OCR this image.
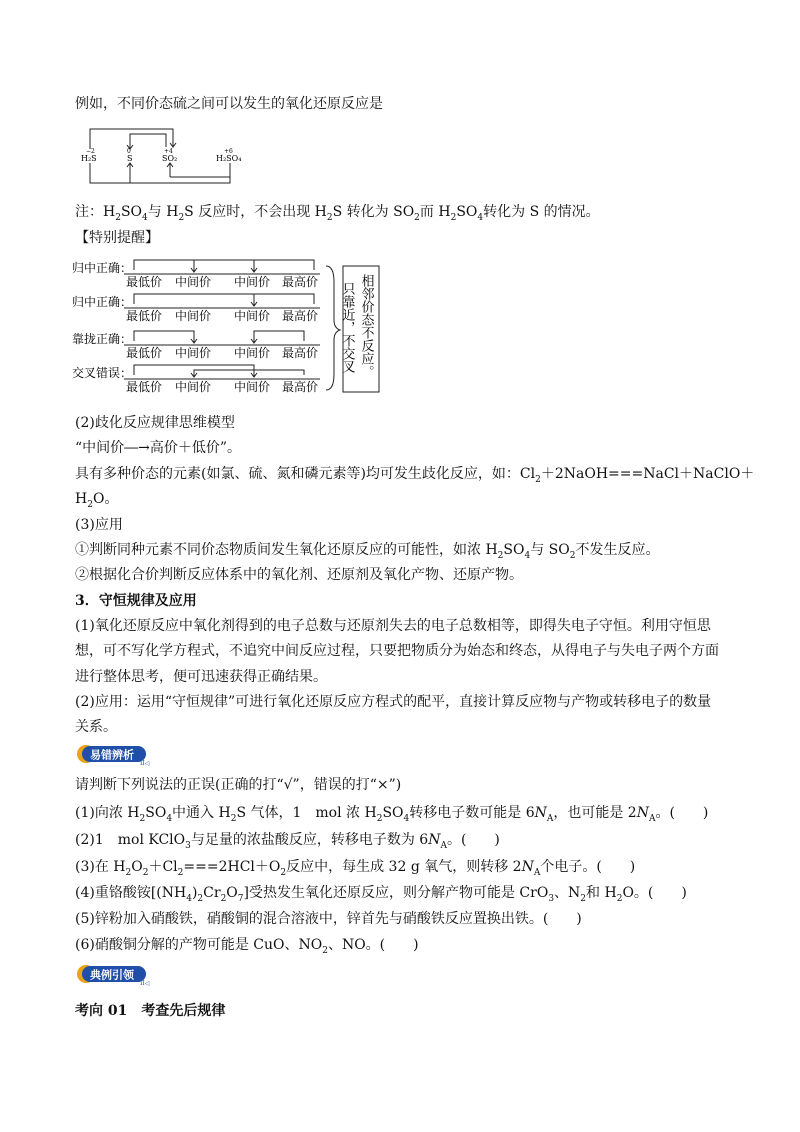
例如，不同价态硫之间可以发生的氧化还原反应是
−2	0	+4	+6
H₂S	S	SO₂	H₂SO₄
注：$H_2SO_4$与 $H_2S$ 反应时，不会出现 $H_2S$ 转化为 $SO_2$而 $H_2SO_4$转化为 S 的情况。
【特别提醒】
归中正确：
归中正确：
靠拢正确：
交叉错误：
最低价 中间价 中间价 最高价
最低价 中间价 中间价 最高价
最低价 中间价 中间价 最高价
最低价 中间价 中间价 最高价
只靠近，不交叉 相邻价态不反应。
(2)歧化反应规律思维模型
“中间价―→高价＋低价”。
具有多种价态的元素(如氯、硫、氮和磷元素等)均可发生歧化反应，如：$Cl_2+2NaOH===NaCl+NaClO+$
$H_2O$。
(3)应用
①判断同种元素不同价态物质间发生氧化还原反应的可能性，如浓 $H_2SO_4$与 $SO_2$不发生反应。
②根据化合价判断反应体系中的氧化剂、还原剂及氧化产物、还原产物。
3．守恒规律及应用
(1)氧化还原反应中氧化剂得到的电子总数与还原剂失去的电子总数相等，即得失电子守恒。利用守恒思
想，可不写化学方程式，不追究中间反应过程，只要把物质分为始态和终态，从得电子与失电子两个方面
进行整体思考，便可迅速获得正确结果。
(2)应用：运用“守恒规律”可进行氧化还原反应方程式的配平，直接计算反应物与产物或转移电子的数量
关系。
易错辨析
II◁
请判断下列说法的正误(正确的打“√”，错误的打“×”)
(1)向浓 $H_2SO_4$中通入 $H_2S$ 气体，1　mol 浓 $H_2SO_4$转移电子数可能是 $6N_A$，也可能是 $2N_A$。(　　)
(2)1　mol KClO$_3$与足量的浓盐酸反应，转移电子数为 $6N_A$。(　　)
(3)在 $H_2O_2+Cl_2===2HCl+O_2$反应中，每生成 32 g 氧气，则转移 $2N_A$个电子。(　　)
(4)重铬酸铵$[(NH_4)_2Cr_2O_7]$受热发生氧化还原反应，则分解产物可能是 CrO$_3$、$N_2$和 $H_2O$。(　　)
(5)锌粉加入硝酸铁，硝酸铜的混合溶液中，锌首先与硝酸铁反应置换出铁。(　　)
(6)硝酸铜分解的产物可能是 CuO、$NO_2$、NO。(　　)
典例引领
II◁
考向 01　考查先后规律
